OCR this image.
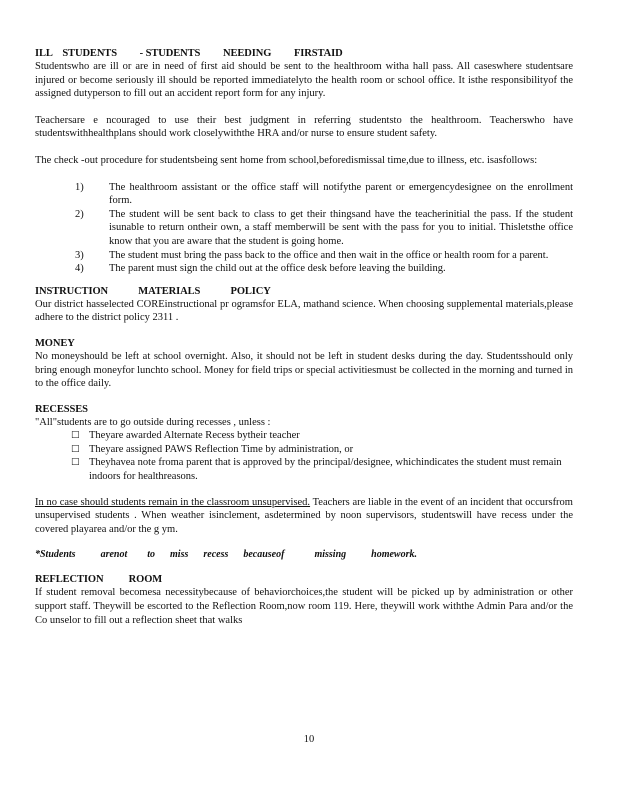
ILL    STUDENTS         - STUDENTS         NEEDING         FIRSTAID

Studentswho are ill or are in need of first aid should be sent to the healthroom witha hall pass. All caseswhere studentsare injured or become seriously ill should be reported immediatelyto the health room or school office. It isthe responsibilityof the assigned dutyperson to fill out an accident report form for any injury.

Teachersare e ncouraged to use their best judgment in referring studentsto the healthroom. Teacherswho have studentswithhealthplans should work closelywiththe HRA and/or nurse to ensure student safety.

The check -out procedure for studentsbeing sent home from school,beforedismissal time,due to illness, etc. isasfollows:

1)	The healthroom assistant or the office staff will notifythe parent or emergencydesignee on the enrollment form.
2)	The student will be sent back to class to get their thingsand have the teacherinitial the pass. If the student isunable to return ontheir own, a staff memberwill be sent with the pass for you to initial. Thisletsthe office know that you are aware that the student is going home.
3)	The student must bring the pass back to the office and then wait in the office or health room for a parent.
4)	The parent must sign the child out at the office desk before leaving the building.
INSTRUCTION            MATERIALS            POLICY

Our district hasselected COREinstructional pr ogramsfor ELA, mathand science. When choosing supplemental materials,please adhere to the district policy 2311 .

MONEY

No moneyshould be left at school overnight. Also, it should not be left in student desks during the day. Studentsshould only bring enough moneyfor lunchto school. Money for field trips or special activitiesmust be collected in the morning and turned in to the office daily.

RECESSES
"All"students are to go outside during recesses , unless :
□ Theyare awarded Alternate Recess bytheir teacher
□ Theyare assigned PAWS Reflection Time by administration, or
□ Theyhavea note froma parent that is approved by the principal/designee, whichindicates the student must remain indoors for healthreasons.

In no case should students remain in the classroom unsupervised. Teachers are liable in the event of an incident that occursfrom unsupervised students . When weather isinclement, asdetermined by noon supervisors, studentswill have recess under the covered playarea and/or the g ym.

*Students          arenot        to      miss      recess      becauseof            missing          homework.
REFLECTION          ROOM

If student removal becomesa necessitybecause of behaviorchoices,the student will be picked up by administration or other support staff. Theywill be escorted to the Reflection Room,now room 119. Here, theywill work withthe Admin Para and/or the Co unselor to fill out a reflection sheet that walks

10
